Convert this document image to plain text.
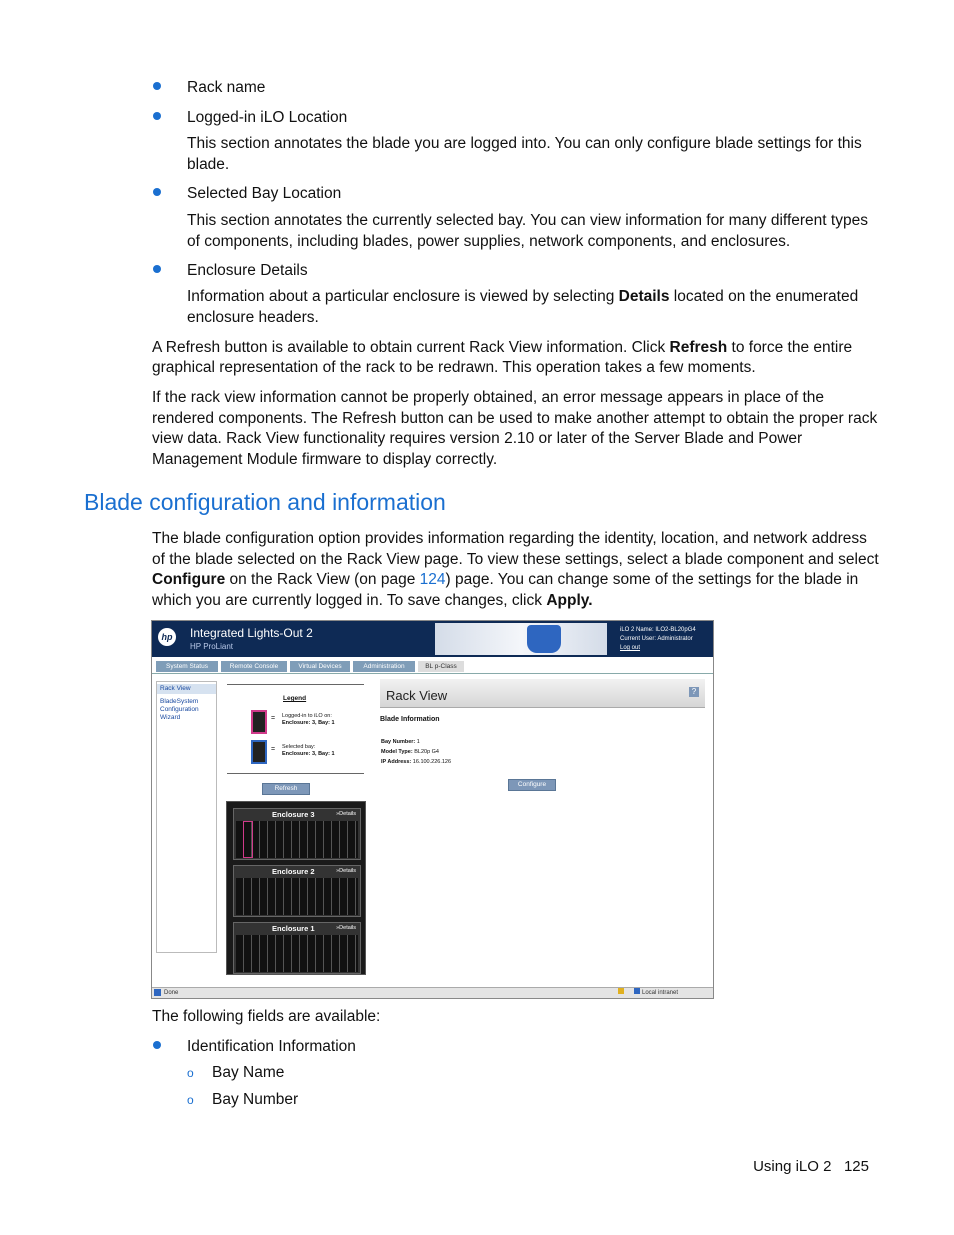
Rack name
Logged-in iLO Location
This section annotates the blade you are logged into. You can only configure blade settings for this
blade.
Selected Bay Location
This section annotates the currently selected bay. You can view information for many different types
of components, including blades, power supplies, network components, and enclosures.
Enclosure Details
Information about a particular enclosure is viewed by selecting Details located on the enumerated
enclosure headers.
A Refresh button is available to obtain current Rack View information. Click Refresh to force the entire
graphical representation of the rack to be redrawn. This operation takes a few moments.
If the rack view information cannot be properly obtained, an error message appears in place of the
rendered components. The Refresh button can be used to make another attempt to obtain the proper rack
view data. Rack View functionality requires version 2.10 or later of the Server Blade and Power
Management Module firmware to display correctly.
Blade configuration and information
The blade configuration option provides information regarding the identity, location, and network address
of the blade selected on the Rack View page. To view these settings, select a blade component and select
Configure on the Rack View (on page 124) page. You can change some of the settings for the blade in
which you are currently logged in. To save changes, click Apply.
hp Integrated Lights-Out 2
HP ProLiant
iLO 2 Name: ILO2-BL20pG4
Current User: Administrator
Log out
System Status	Remote Console	Virtual Devices	Administration	BL p-Class
Rack View
BladeSystem
Configuration
Wizard
Legend
= Logged-in to iLO on:
Enclosure: 3, Bay: 1
= Selected bay:
Enclosure: 3, Bay: 1
Refresh
Rack View	?
Blade Information
Bay Number: 1
Model Type: BL20p G4
IP Address: 16.100.226.126
Configure
Enclosure 3	»Details
Enclosure 2	»Details
Enclosure 1	»Details
Done	Local intranet
The following fields are available:
Identification Information
o Bay Name
o Bay Number
Using iLO 2 125
